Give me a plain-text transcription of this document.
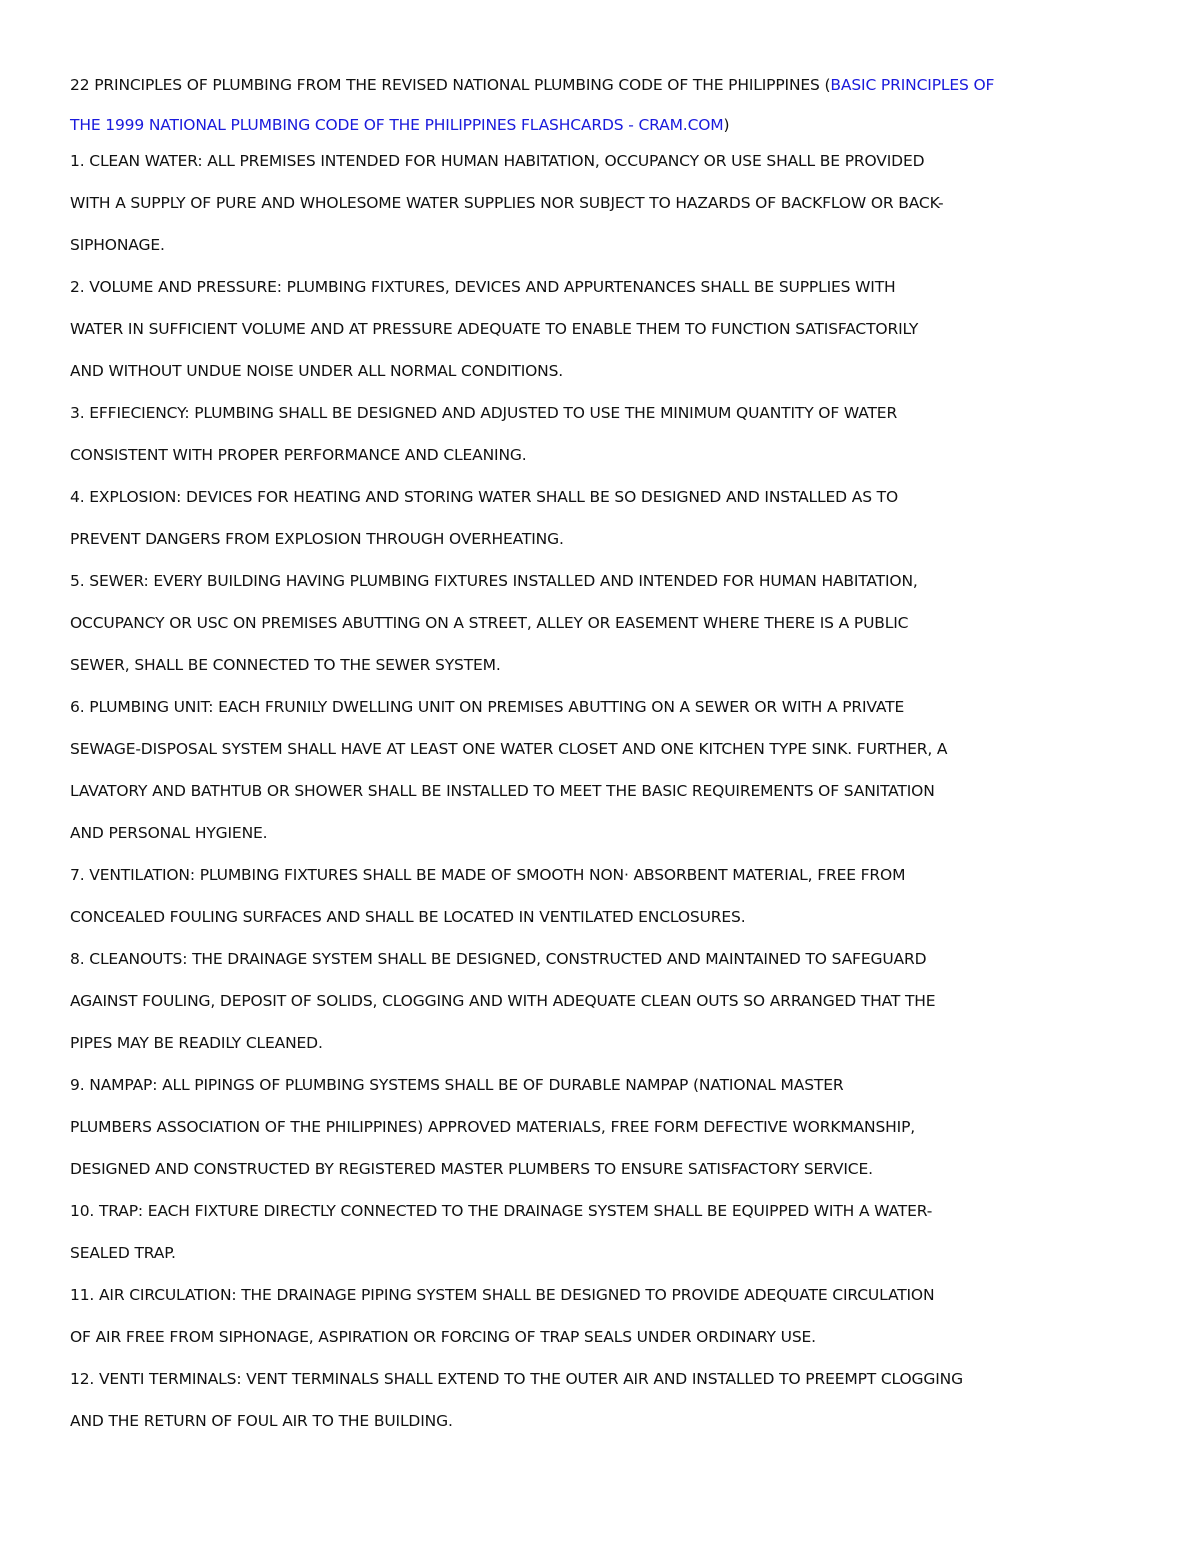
22 PRINCIPLES OF PLUMBING FROM THE REVISED NATIONAL PLUMBING CODE OF THE PHILIPPINES (BASIC PRINCIPLES OF

THE 1999 NATIONAL PLUMBING CODE OF THE PHILIPPINES FLASHCARDS - CRAM.COM)

1. CLEAN WATER: ALL PREMISES INTENDED FOR HUMAN HABITATION, OCCUPANCY OR USE SHALL BE PROVIDED
WITH A SUPPLY OF PURE AND WHOLESOME WATER SUPPLIES NOR SUBJECT TO HAZARDS OF BACKFLOW OR BACK-
SIPHONAGE.

2. VOLUME AND PRESSURE: PLUMBING FIXTURES, DEVICES AND APPURTENANCES SHALL BE SUPPLIES WITH
WATER IN SUFFICIENT VOLUME AND AT PRESSURE ADEQUATE TO ENABLE THEM TO FUNCTION SATISFACTORILY
AND WITHOUT UNDUE NOISE UNDER ALL NORMAL CONDITIONS.

3. EFFIECIENCY: PLUMBING SHALL BE DESIGNED AND ADJUSTED TO USE THE MINIMUM QUANTITY OF WATER
CONSISTENT WITH PROPER PERFORMANCE AND CLEANING.

4. EXPLOSION: DEVICES FOR HEATING AND STORING WATER SHALL BE SO DESIGNED AND INSTALLED AS TO
PREVENT DANGERS FROM EXPLOSION THROUGH OVERHEATING.

5. SEWER: EVERY BUILDING HAVING PLUMBING FIXTURES INSTALLED AND INTENDED FOR HUMAN HABITATION,
OCCUPANCY OR USC ON PREMISES ABUTTING ON A STREET, ALLEY OR EASEMENT WHERE THERE IS A PUBLIC
SEWER, SHALL BE CONNECTED TO THE SEWER SYSTEM.

6. PLUMBING UNIT: EACH FRUNILY DWELLING UNIT ON PREMISES ABUTTING ON A SEWER OR WITH A PRIVATE
SEWAGE-DISPOSAL SYSTEM SHALL HAVE AT LEAST ONE WATER CLOSET AND ONE KITCHEN TYPE SINK. FURTHER, A
LAVATORY AND BATHTUB OR SHOWER SHALL BE INSTALLED TO MEET THE BASIC REQUIREMENTS OF SANITATION
AND PERSONAL HYGIENE.

7. VENTILATION: PLUMBING FIXTURES SHALL BE MADE OF SMOOTH NON· ABSORBENT MATERIAL, FREE FROM
CONCEALED FOULING SURFACES AND SHALL BE LOCATED IN VENTILATED ENCLOSURES.

8. CLEANOUTS: THE DRAINAGE SYSTEM SHALL BE DESIGNED, CONSTRUCTED AND MAINTAINED TO SAFEGUARD
AGAINST FOULING, DEPOSIT OF SOLIDS, CLOGGING AND WITH ADEQUATE CLEAN OUTS SO ARRANGED THAT THE
PIPES MAY BE READILY CLEANED.

9. NAMPAP: ALL PIPINGS OF PLUMBING SYSTEMS SHALL BE OF DURABLE NAMPAP (NATIONAL MASTER
PLUMBERS ASSOCIATION OF THE PHILIPPINES) APPROVED MATERIALS, FREE FORM DEFECTIVE WORKMANSHIP,
DESIGNED AND CONSTRUCTED BY REGISTERED MASTER PLUMBERS TO ENSURE SATISFACTORY SERVICE.

10. TRAP: EACH FIXTURE DIRECTLY CONNECTED TO THE DRAINAGE SYSTEM SHALL BE EQUIPPED WITH A WATER-
SEALED TRAP.

11. AIR CIRCULATION: THE DRAINAGE PIPING SYSTEM SHALL BE DESIGNED TO PROVIDE ADEQUATE CIRCULATION
OF AIR FREE FROM SIPHONAGE, ASPIRATION OR FORCING OF TRAP SEALS UNDER ORDINARY USE.

12. VENTI TERMINALS: VENT TERMINALS SHALL EXTEND TO THE OUTER AIR AND INSTALLED TO PREEMPT CLOGGING
AND THE RETURN OF FOUL AIR TO THE BUILDING.
